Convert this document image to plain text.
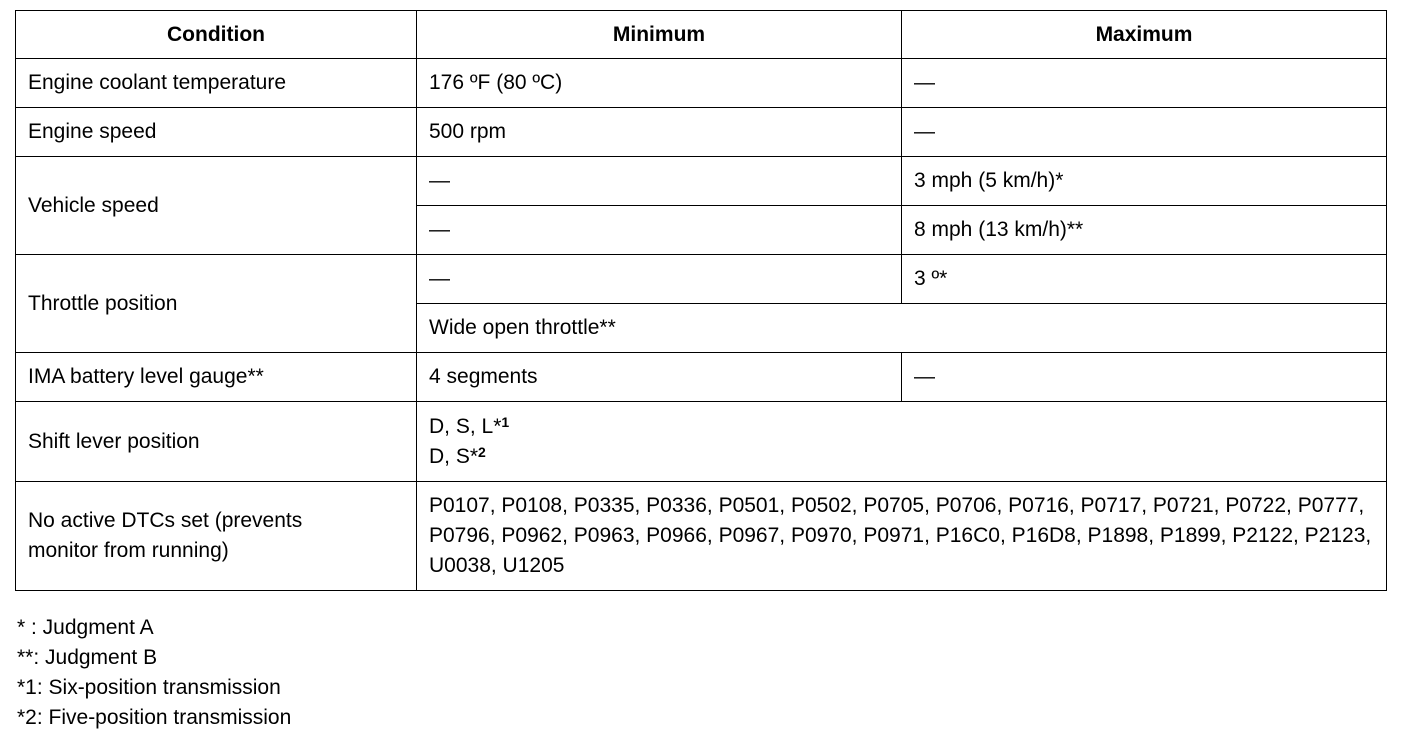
Condition	Minimum	Maximum
Engine coolant temperature	176 ºF (80 ºC)	—
Engine speed	500 rpm	—
Vehicle speed	—	3 mph (5 km/h)*
	—	8 mph (13 km/h)**
Throttle position	—	3 º*
	Wide open throttle**	
IMA battery level gauge**	4 segments	—
Shift lever position	D, S, L*$^1$
D, S*$^2$

No active DTCs set (prevents monitor from running)	P0107, P0108, P0335, P0336, P0501, P0502, P0705, P0706, P0716, P0717, P0721, P0722, P0777, P0796, P0962, P0963, P0966, P0967, P0970, P0971, P16C0, P16D8, P1898, P1899, P2122, P2123, U0038, U1205	
* : Judgment A
**: Judgment B
*1: Six-position transmission
*2: Five-position transmission
